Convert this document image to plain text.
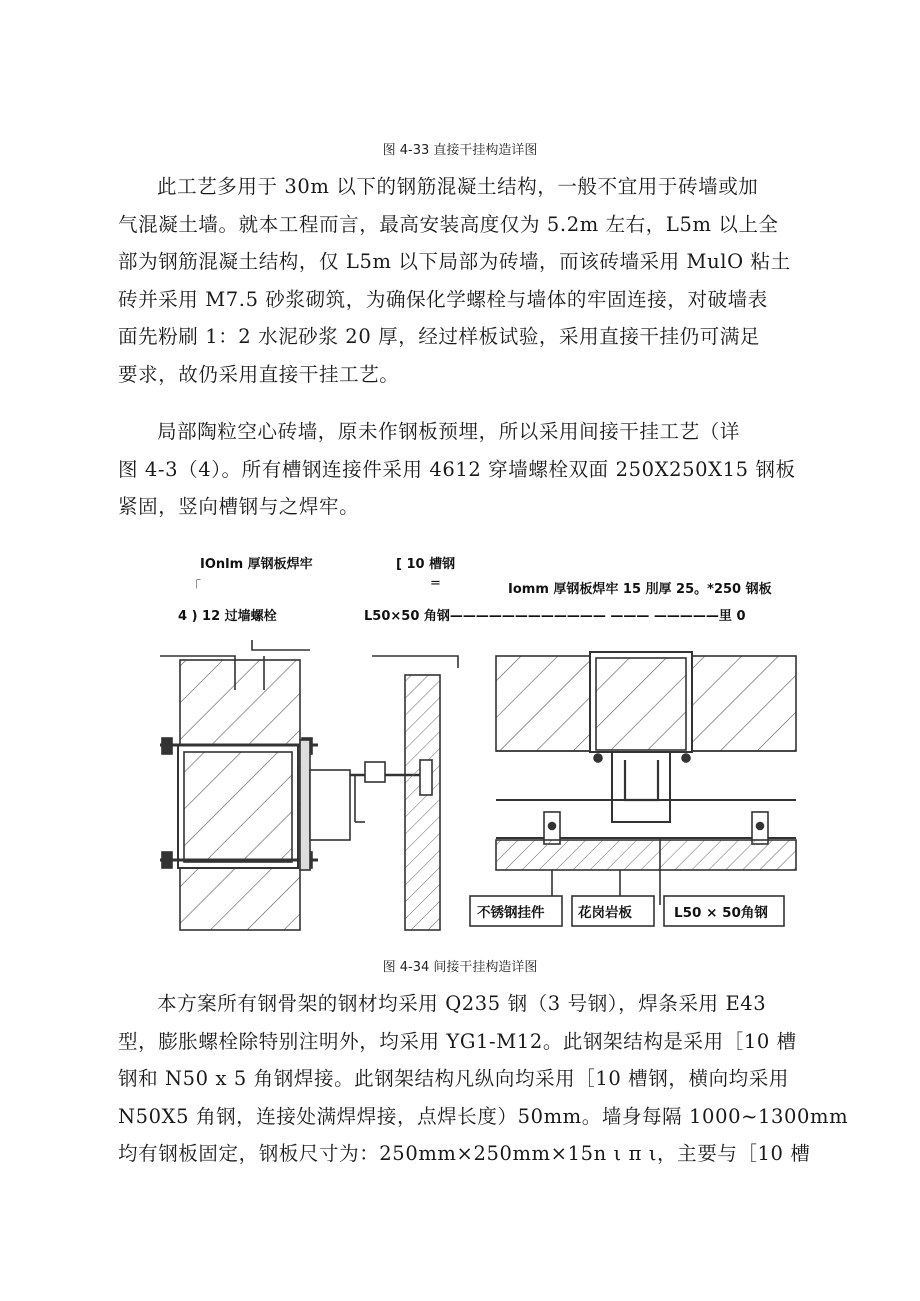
图 4-33 直接干挂构造详图
此工艺多用于 30m 以下的钢筋混凝土结构，一般不宜用于砖墙或加
气混凝土墙。就本工程而言，最高安装高度仅为 5.2m 左右，L5m 以上全
部为钢筋混凝土结构，仅 L5m 以下局部为砖墙，而该砖墙采用 MulO 粘土
砖并采用 M7.5 砂浆砌筑，为确保化学螺栓与墙体的牢固连接，对破墙表
面先粉刷 1：2 水泥砂浆 20 厚，经过样板试验，采用直接干挂仍可满足
要求，故仍采用直接干挂工艺。
局部陶粒空心砖墙，原未作钢板预埋，所以采用间接干挂工艺（详
图 4-3（4）。所有槽钢连接件采用 4612 穿墙螺栓双面 250X250X15 钢板
紧固，竖向槽钢与之焊牢。
IOnlm 厚钢板焊牢	[ 10 槽钢
「	=	Iomm 厚钢板焊牢 15 刖厚 25。*250 钢板
4 ) 12 过墙螺栓	L50×50 角钢———————————— ——— —————里 0
不锈钢挂件 花岗岩板	L50 × 50角钢
图 4-34 间接干挂构造详图
本方案所有钢骨架的钢材均采用 Q235 钢（3 号钢），焊条采用 E43
型，膨胀螺栓除特别注明外，均采用 YG1-M12。此钢架结构是采用［10 槽
钢和 N50 x 5 角钢焊接。此钢架结构凡纵向均采用［10 槽钢，横向均采用
N50X5 角钢，连接处满焊焊接，点焊长度）50mm。墙身每隔 1000~1300mm
均有钢板固定，钢板尺寸为：250mm×250mm×15n ι π ι，主要与［10 槽
